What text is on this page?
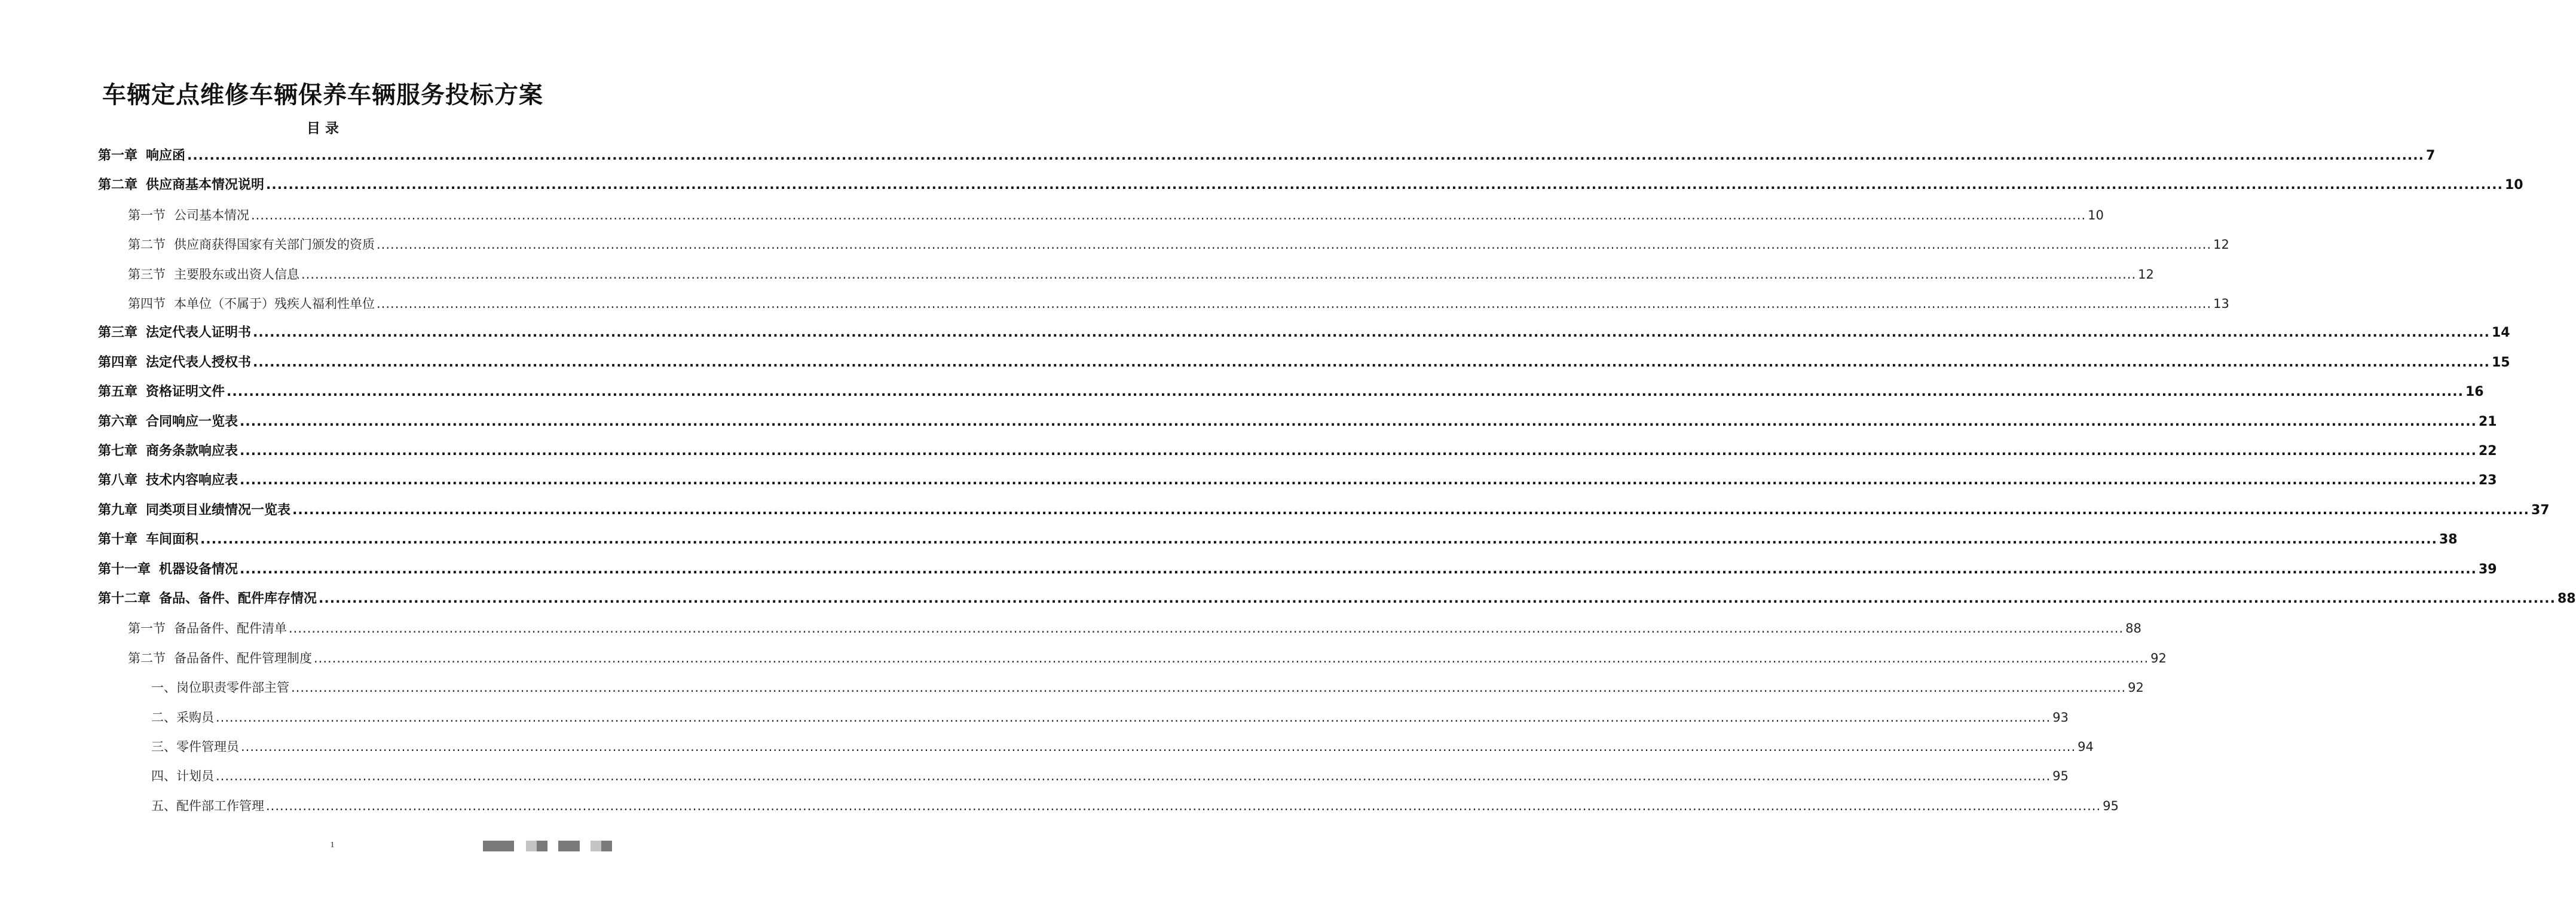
车辆定点维修车辆保养车辆服务投标方案
目 录
第一章 响应函 ................................................................................................................................................................................................................................................................................................................................................................................................................ 7
第二章 供应商基本情况说明 ................................................................................................................................................................................................................................................................................................................................................................................................................ 10
第一节 公司基本情况 ................................................................................................................................................................................................................................................................................................................................................................................................................ 10
第二节 供应商获得国家有关部门颁发的资质 ................................................................................................................................................................................................................................................................................................................................................................................................................ 12
第三节 主要股东或出资人信息 ................................................................................................................................................................................................................................................................................................................................................................................................................ 12
第四节 本单位（不属于）残疾人福利性单位 ................................................................................................................................................................................................................................................................................................................................................................................................................ 13
第三章 法定代表人证明书 ................................................................................................................................................................................................................................................................................................................................................................................................................ 14
第四章 法定代表人授权书 ................................................................................................................................................................................................................................................................................................................................................................................................................ 15
第五章 资格证明文件 ................................................................................................................................................................................................................................................................................................................................................................................................................ 16
第六章 合同响应一览表 ................................................................................................................................................................................................................................................................................................................................................................................................................ 21
第七章 商务条款响应表 ................................................................................................................................................................................................................................................................................................................................................................................................................ 22
第八章 技术内容响应表 ................................................................................................................................................................................................................................................................................................................................................................................................................ 23
第九章 同类项目业绩情况一览表 ................................................................................................................................................................................................................................................................................................................................................................................................................ 37
第十章 车间面积 ................................................................................................................................................................................................................................................................................................................................................................................................................ 38
第十一章 机器设备情况 ................................................................................................................................................................................................................................................................................................................................................................................................................ 39
第十二章 备品、备件、配件库存情况 ................................................................................................................................................................................................................................................................................................................................................................................................................ 88
第一节 备品备件、配件清单 ................................................................................................................................................................................................................................................................................................................................................................................................................ 88
第二节 备品备件、配件管理制度 ................................................................................................................................................................................................................................................................................................................................................................................................................ 92
一、岗位职责零件部主管 ................................................................................................................................................................................................................................................................................................................................................................................................................ 92
二、采购员 ................................................................................................................................................................................................................................................................................................................................................................................................................ 93
三、零件管理员 ................................................................................................................................................................................................................................................................................................................................................................................................................ 94
四、计划员 ................................................................................................................................................................................................................................................................................................................................................................................................................ 95
五、配件部工作管理 ................................................................................................................................................................................................................................................................................................................................................................................................................ 95
1
